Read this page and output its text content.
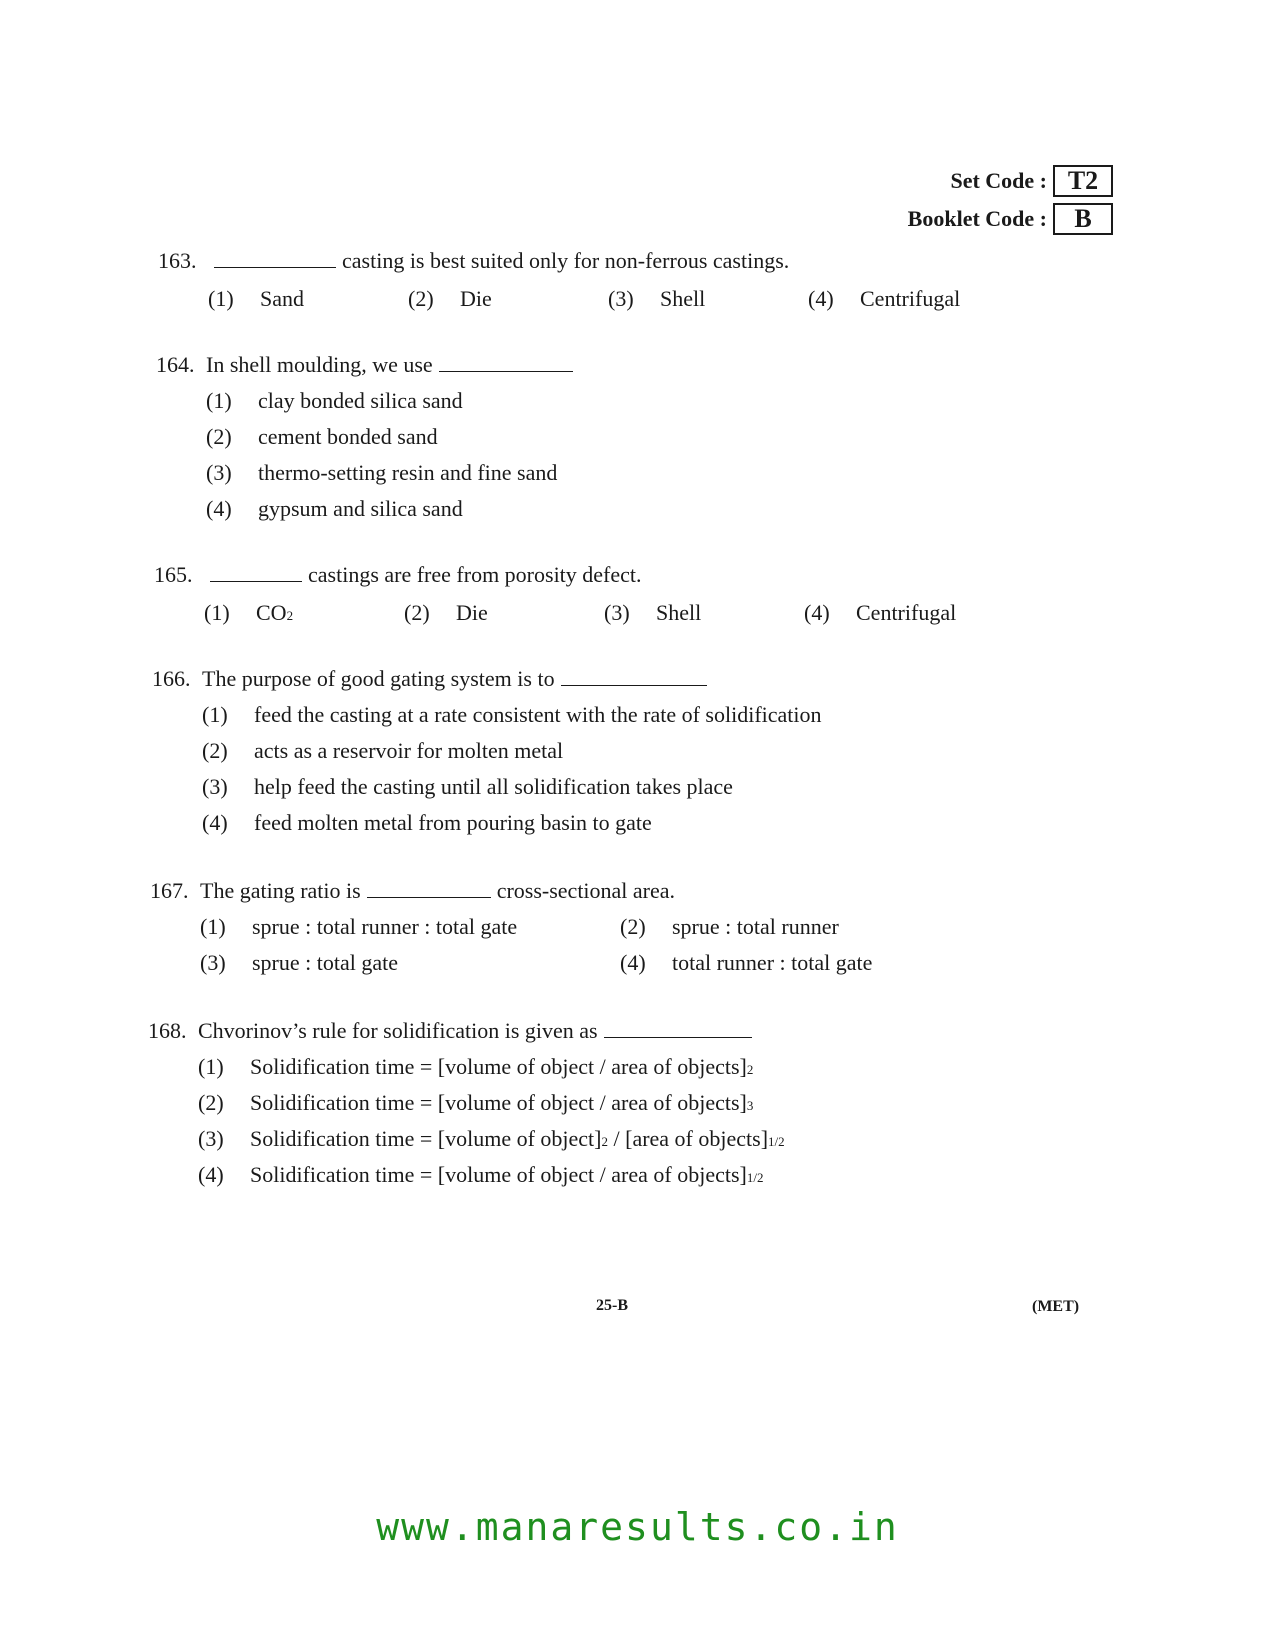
Set Code : T2
Booklet Code :	B
163.	casting is best suited only for non-ferrous castings.
(1)	Sand	(2)	Die	(3)	Shell	(4)	Centrifugal
164. In shell moulding, we use
(1)	clay bonded silica sand
(2)	cement bonded sand
(3)	thermo-setting resin and fine sand
(4)	gypsum and silica sand
165.	castings are free from porosity defect.
(1)	CO 2	(2)	Die	(3)	Shell	(4)	Centrifugal
166. The purpose of good gating system is to
(1)	feed the casting at a rate consistent with the rate of solidification
(2)	acts as a reservoir for molten metal
(3)	help feed the casting until all solidification takes place
(4)	feed molten metal from pouring basin to gate
167. The gating ratio is	cross-sectional area.
(1)	sprue : total runner : total gate	(2)	sprue : total runner
(3)	sprue : total gate	(4)	total runner : total gate
168. Chvorinov’s rule for solidification is given as
(1)	Solidification time = [volume of object / area of objects] 2
(2)	Solidification time = [volume of object / area of objects] 3
(3)	Solidification time = [volume of object] 2 / [area of objects] 1/2
(4)	Solidification time = [volume of object / area of objects] 1/2
25-B	(MET)
www.manaresults.co.in
